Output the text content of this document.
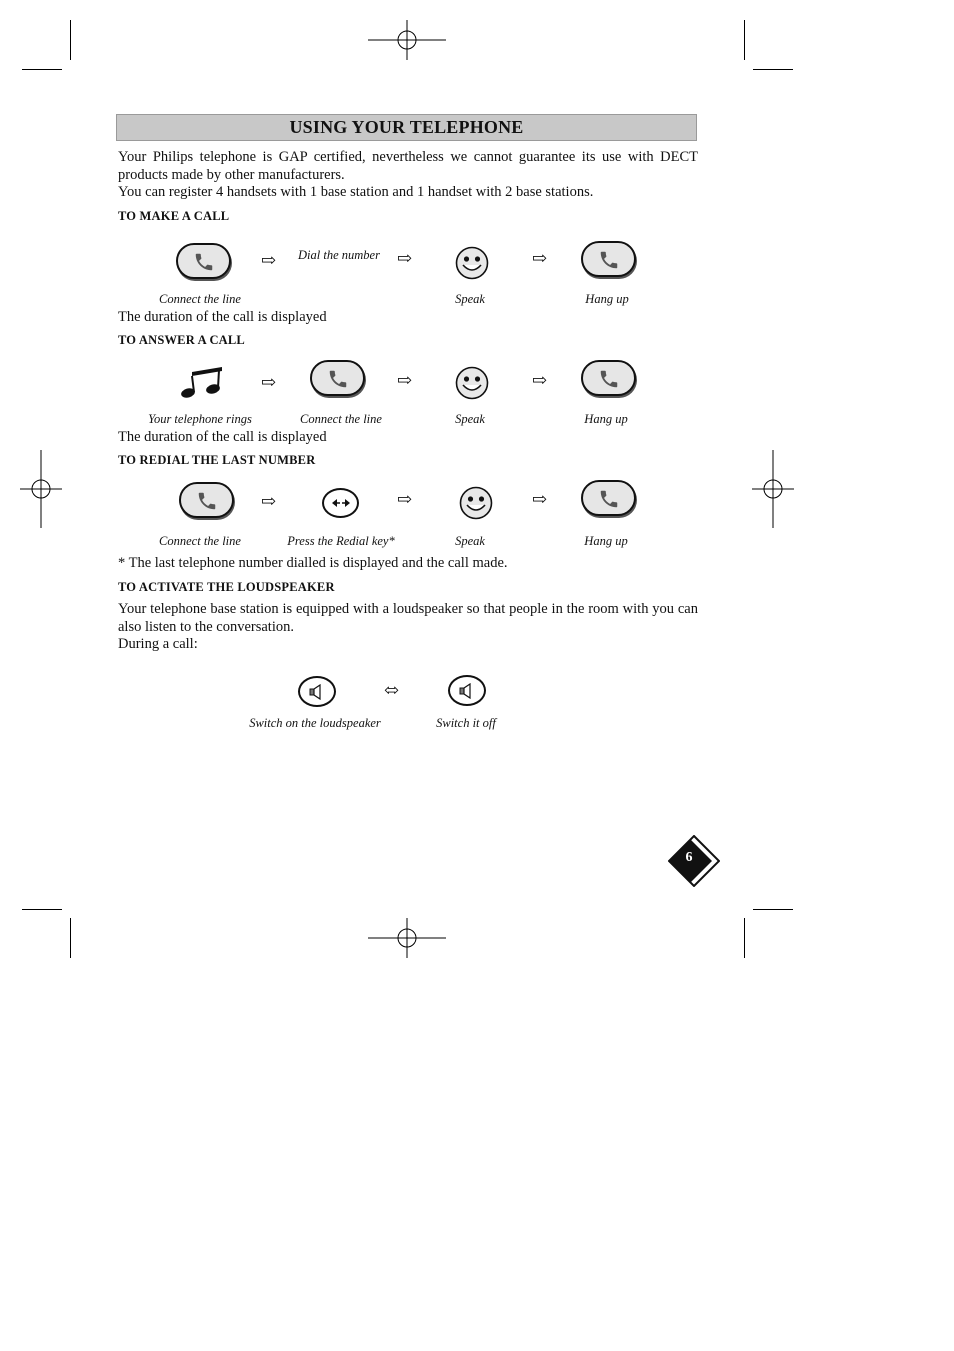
USING YOUR TELEPHONE
Your Philips telephone is GAP certified, nevertheless we cannot guarantee its use with DECT products made by other manufacturers.
You can register 4 handsets with 1 base station and 1 handset with 2 base stations.
TO MAKE A CALL
⇨	Dial the number ⇨	⇨
Connect the line	Speak	Hang up
The duration of the call is displayed
TO ANSWER A CALL
⇨	⇨	⇨
Your telephone rings	Connect the line	Speak	Hang up
The duration of the call is displayed
TO REDIAL THE LAST NUMBER
⇨	⇨	⇨
Connect the line	Press the Redial key*	Speak	Hang up
* The last telephone number dialled is displayed and the call made.
TO ACTIVATE THE LOUDSPEAKER
Your telephone base station is equipped with a loudspeaker so that people in the room with you can also listen to the conversation.
During a call:
⬄
Switch on the loudspeaker	Switch it off
6
